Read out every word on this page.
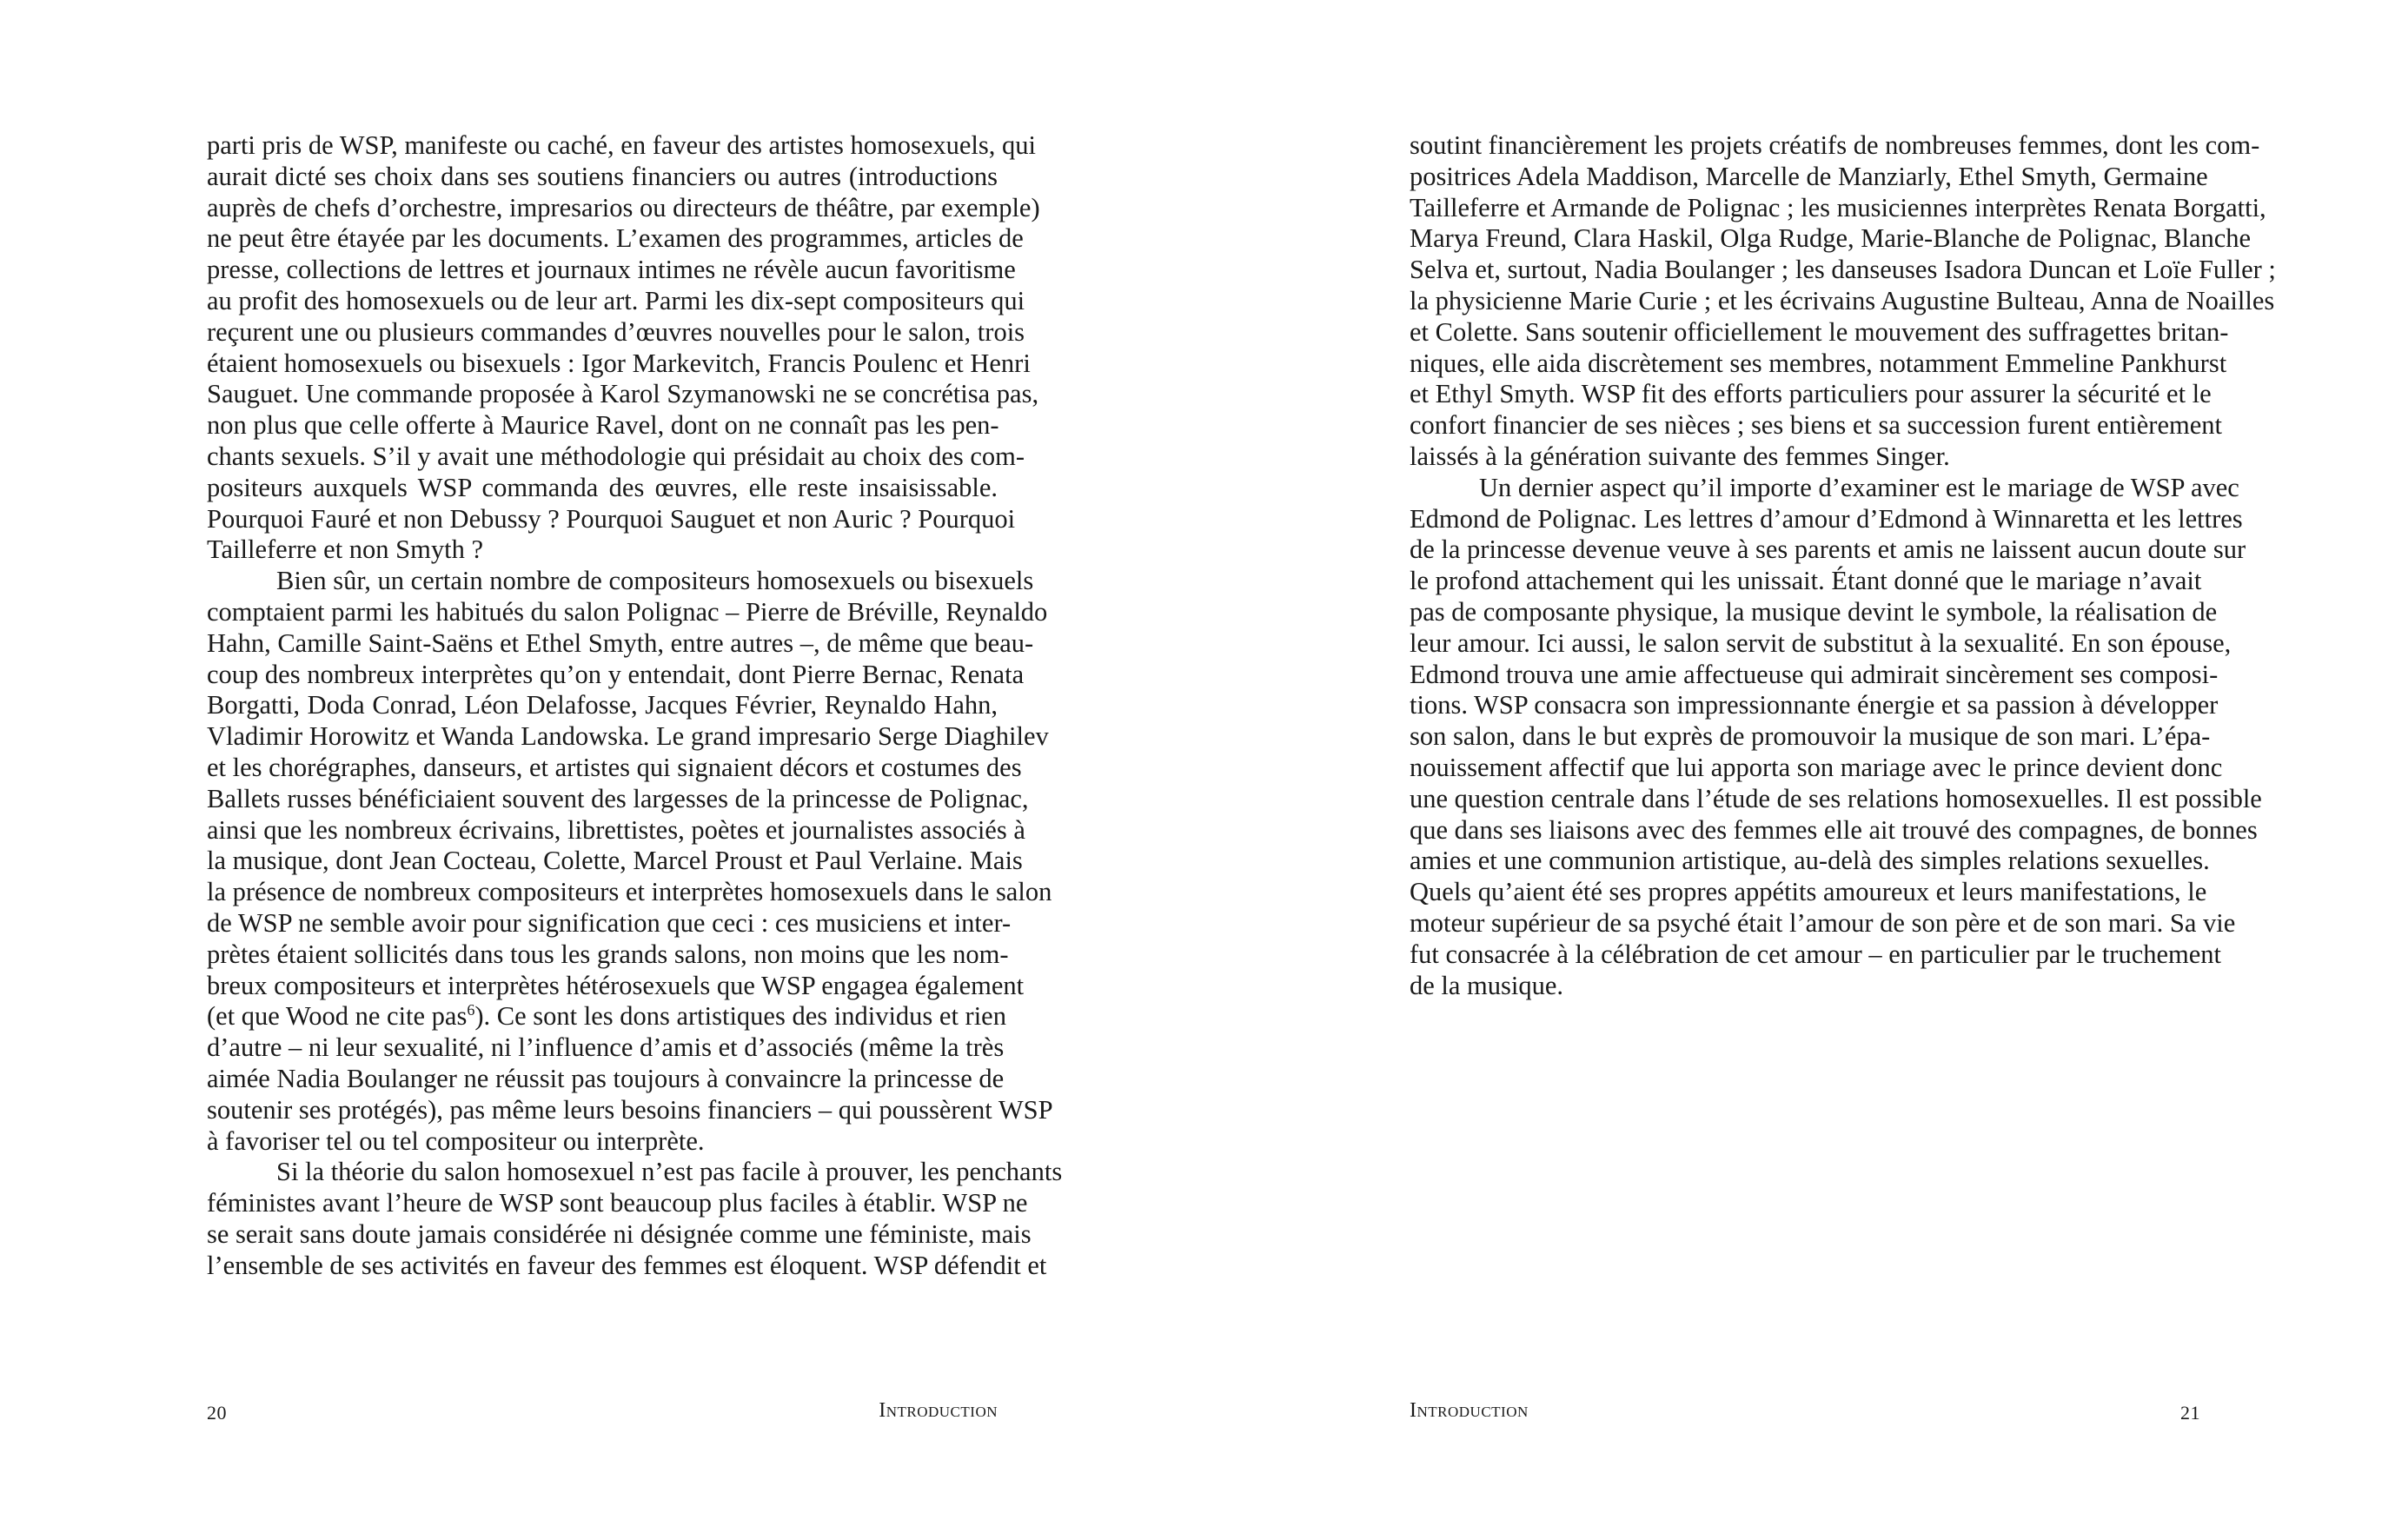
parti pris de WSP, manifeste ou caché, en faveur des artistes homosexuels, qui
aurait dicté ses choix dans ses soutiens financiers ou autres (introductions
auprès de chefs d’orchestre, impresarios ou directeurs de théâtre, par exemple)
ne peut être étayée par les documents. L’examen des programmes, articles de
presse, collections de lettres et journaux intimes ne révèle aucun favoritisme
au profit des homosexuels ou de leur art. Parmi les dix-sept compositeurs qui
reçurent une ou plusieurs commandes d’œuvres nouvelles pour le salon, trois
étaient homosexuels ou bisexuels : Igor Markevitch, Francis Poulenc et Henri
Sauguet. Une commande proposée à Karol Szymanowski ne se concrétisa pas,
non plus que celle offerte à Maurice Ravel, dont on ne connaît pas les pen-
chants sexuels. S’il y avait une méthodologie qui présidait au choix des com-
positeurs auxquels WSP commanda des œuvres, elle reste insaisissable.
Pourquoi Fauré et non Debussy ? Pourquoi Sauguet et non Auric ? Pourquoi
Tailleferre et non Smyth ?
Bien sûr, un certain nombre de compositeurs homosexuels ou bisexuels
comptaient parmi les habitués du salon Polignac – Pierre de Bréville, Reynaldo
Hahn, Camille Saint-Saëns et Ethel Smyth, entre autres –, de même que beau-
coup des nombreux interprètes qu’on y entendait, dont Pierre Bernac, Renata
Borgatti, Doda Conrad, Léon Delafosse, Jacques Février, Reynaldo Hahn,
Vladimir Horowitz et Wanda Landowska. Le grand impresario Serge Diaghilev
et les chorégraphes, danseurs, et artistes qui signaient décors et costumes des
Ballets russes bénéficiaient souvent des largesses de la princesse de Polignac,
ainsi que les nombreux écrivains, librettistes, poètes et journalistes associés à
la musique, dont Jean Cocteau, Colette, Marcel Proust et Paul Verlaine. Mais
la présence de nombreux compositeurs et interprètes homosexuels dans le salon
de WSP ne semble avoir pour signification que ceci : ces musiciens et inter-
prètes étaient sollicités dans tous les grands salons, non moins que les nom-
breux compositeurs et interprètes hétérosexuels que WSP engagea également
(et que Wood ne cite pas$^6$). Ce sont les dons artistiques des individus et rien
d’autre – ni leur sexualité, ni l’influence d’amis et d’associés (même la très
aimée Nadia Boulanger ne réussit pas toujours à convaincre la princesse de
soutenir ses protégés), pas même leurs besoins financiers – qui poussèrent WSP
à favoriser tel ou tel compositeur ou interprète.
Si la théorie du salon homosexuel n’est pas facile à prouver, les penchants
féministes avant l’heure de WSP sont beaucoup plus faciles à établir. WSP ne
se serait sans doute jamais considérée ni désignée comme une féministe, mais
l’ensemble de ses activités en faveur des femmes est éloquent. WSP défendit et
20	Introduction	Introduction	21
soutint financièrement les projets créatifs de nombreuses femmes, dont les com-
positrices Adela Maddison, Marcelle de Manziarly, Ethel Smyth, Germaine
Tailleferre et Armande de Polignac ; les musiciennes interprètes Renata Borgatti,
Marya Freund, Clara Haskil, Olga Rudge, Marie-Blanche de Polignac, Blanche
Selva et, surtout, Nadia Boulanger ; les danseuses Isadora Duncan et Loïe Fuller ;
la physicienne Marie Curie ; et les écrivains Augustine Bulteau, Anna de Noailles
et Colette. Sans soutenir officiellement le mouvement des suffragettes britan-
niques, elle aida discrètement ses membres, notamment Emmeline Pankhurst
et Ethyl Smyth. WSP fit des efforts particuliers pour assurer la sécurité et le
confort financier de ses nièces ; ses biens et sa succession furent entièrement
laissés à la génération suivante des femmes Singer.
Un dernier aspect qu’il importe d’examiner est le mariage de WSP avec
Edmond de Polignac. Les lettres d’amour d’Edmond à Winnaretta et les lettres
de la princesse devenue veuve à ses parents et amis ne laissent aucun doute sur
le profond attachement qui les unissait. Étant donné que le mariage n’avait
pas de composante physique, la musique devint le symbole, la réalisation de
leur amour. Ici aussi, le salon servit de substitut à la sexualité. En son épouse,
Edmond trouva une amie affectueuse qui admirait sincèrement ses composi-
tions. WSP consacra son impressionnante énergie et sa passion à développer
son salon, dans le but exprès de promouvoir la musique de son mari. L’épa-
nouissement affectif que lui apporta son mariage avec le prince devient donc
une question centrale dans l’étude de ses relations homosexuelles. Il est possible
que dans ses liaisons avec des femmes elle ait trouvé des compagnes, de bonnes
amies et une communion artistique, au-delà des simples relations sexuelles.
Quels qu’aient été ses propres appétits amoureux et leurs manifestations, le
moteur supérieur de sa psyché était l’amour de son père et de son mari. Sa vie
fut consacrée à la célébration de cet amour – en particulier par le truchement
de la musique.
